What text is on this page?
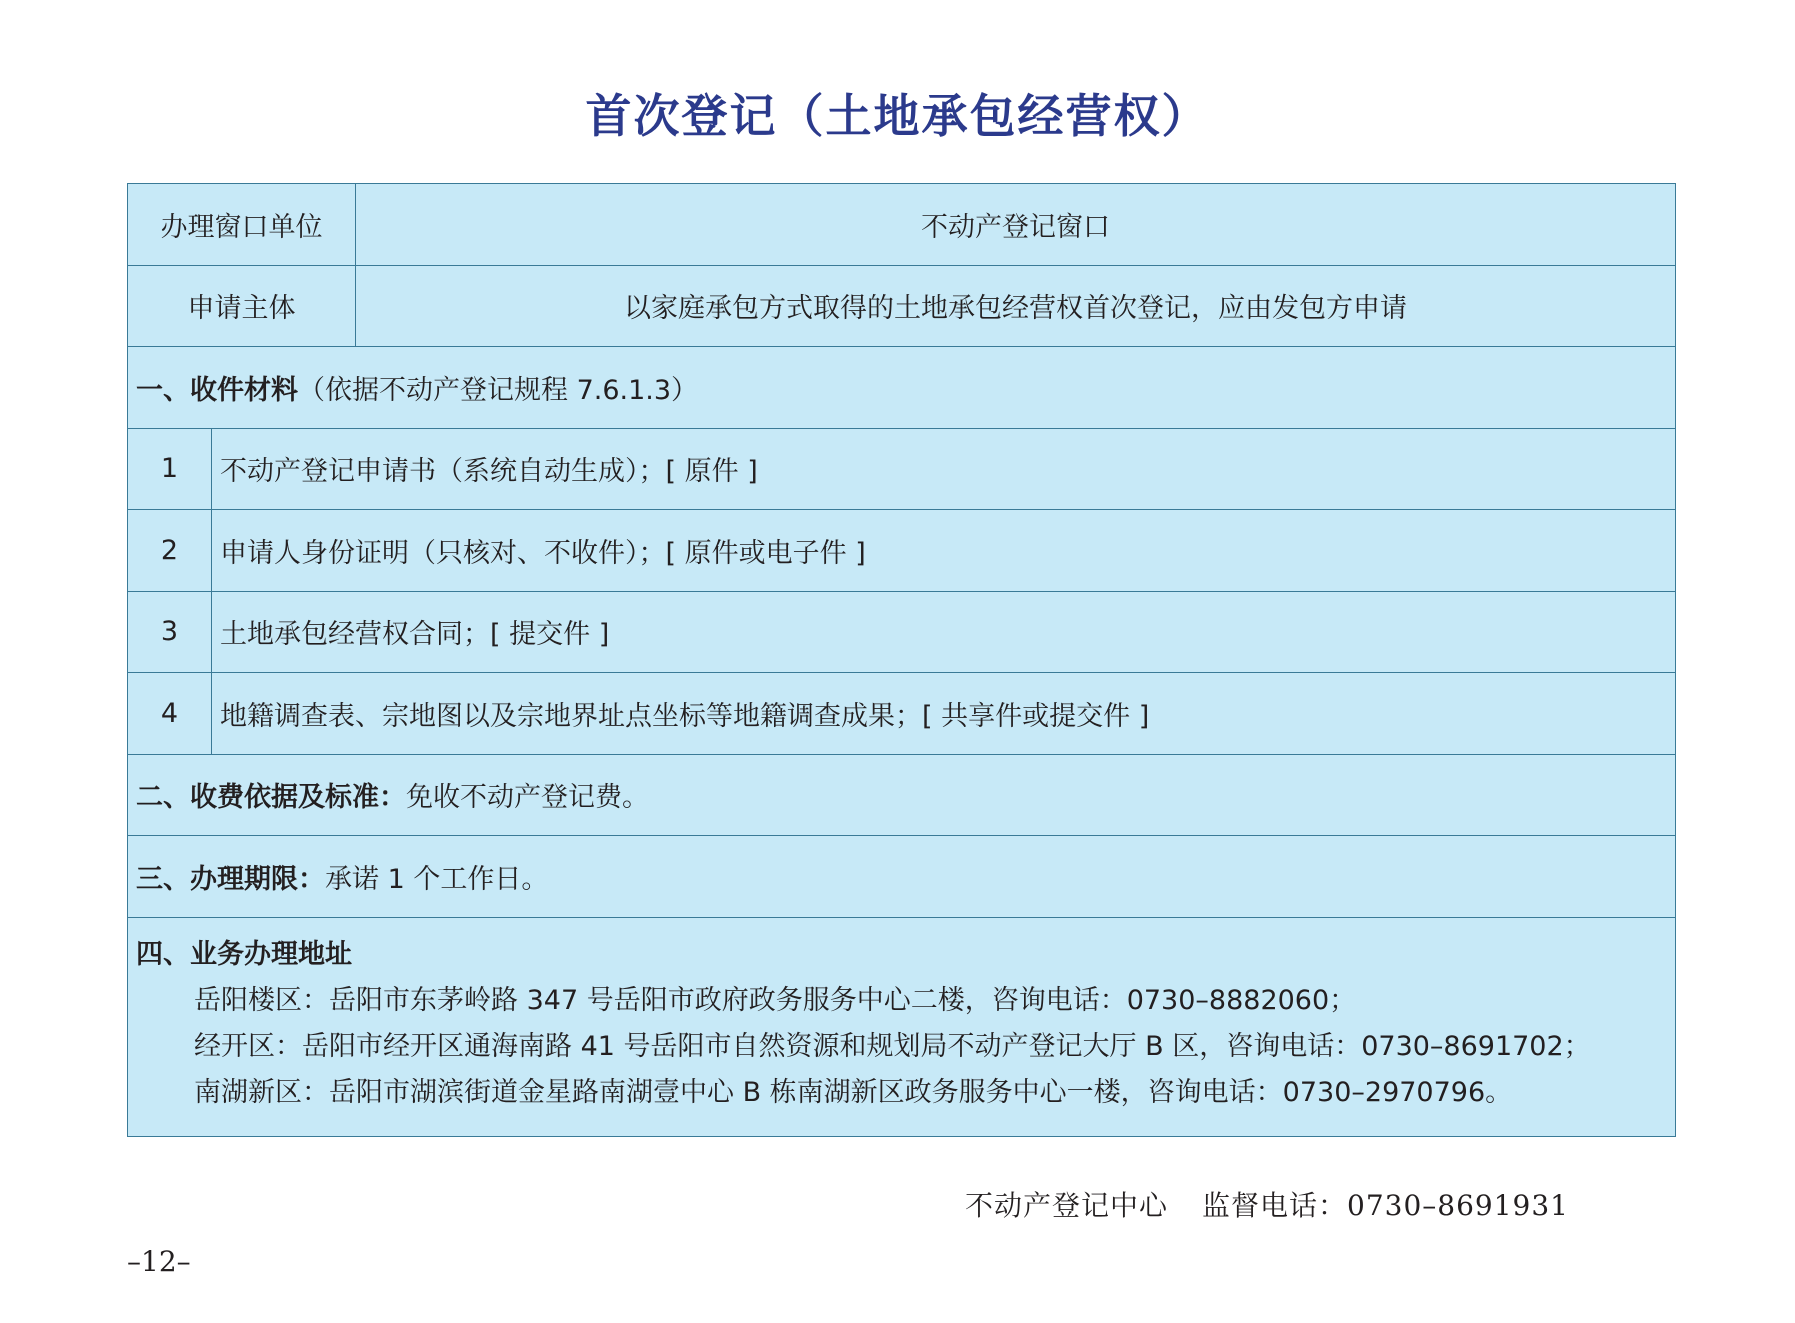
首次登记（土地承包经营权）
办理窗口单位		不动产登记窗口
申请主体		以家庭承包方式取得的土地承包经营权首次登记，应由发包方申请
一、收件材料（依据不动产登记规程 7.6.1.3）		
1	不动产登记申请书（系统自动生成）；[ 原件 ]	
2	申请人身份证明（只核对、不收件）；[ 原件或电子件 ]	
3	土地承包经营权合同；[ 提交件 ]	
4	地籍调查表、宗地图以及宗地界址点坐标等地籍调查成果；[ 共享件或提交件 ]	
二、收费依据及标准：免收不动产登记费。		
三、办理期限：承诺 1 个工作日。		

四、业务办理地址
岳阳楼区：岳阳市东茅岭路 347 号岳阳市政府政务服务中心二楼，咨询电话：0730–8882060；
经开区：岳阳市经开区通海南路 41 号岳阳市自然资源和规划局不动产登记大厅 B 区，咨询电话：0730–8691702；
南湖新区：岳阳市湖滨街道金星路南湖壹中心 B 栋南湖新区政务服务中心一楼，咨询电话：0730–2970796。		
不动产登记中心 监督电话：0730–8691931
–12–
